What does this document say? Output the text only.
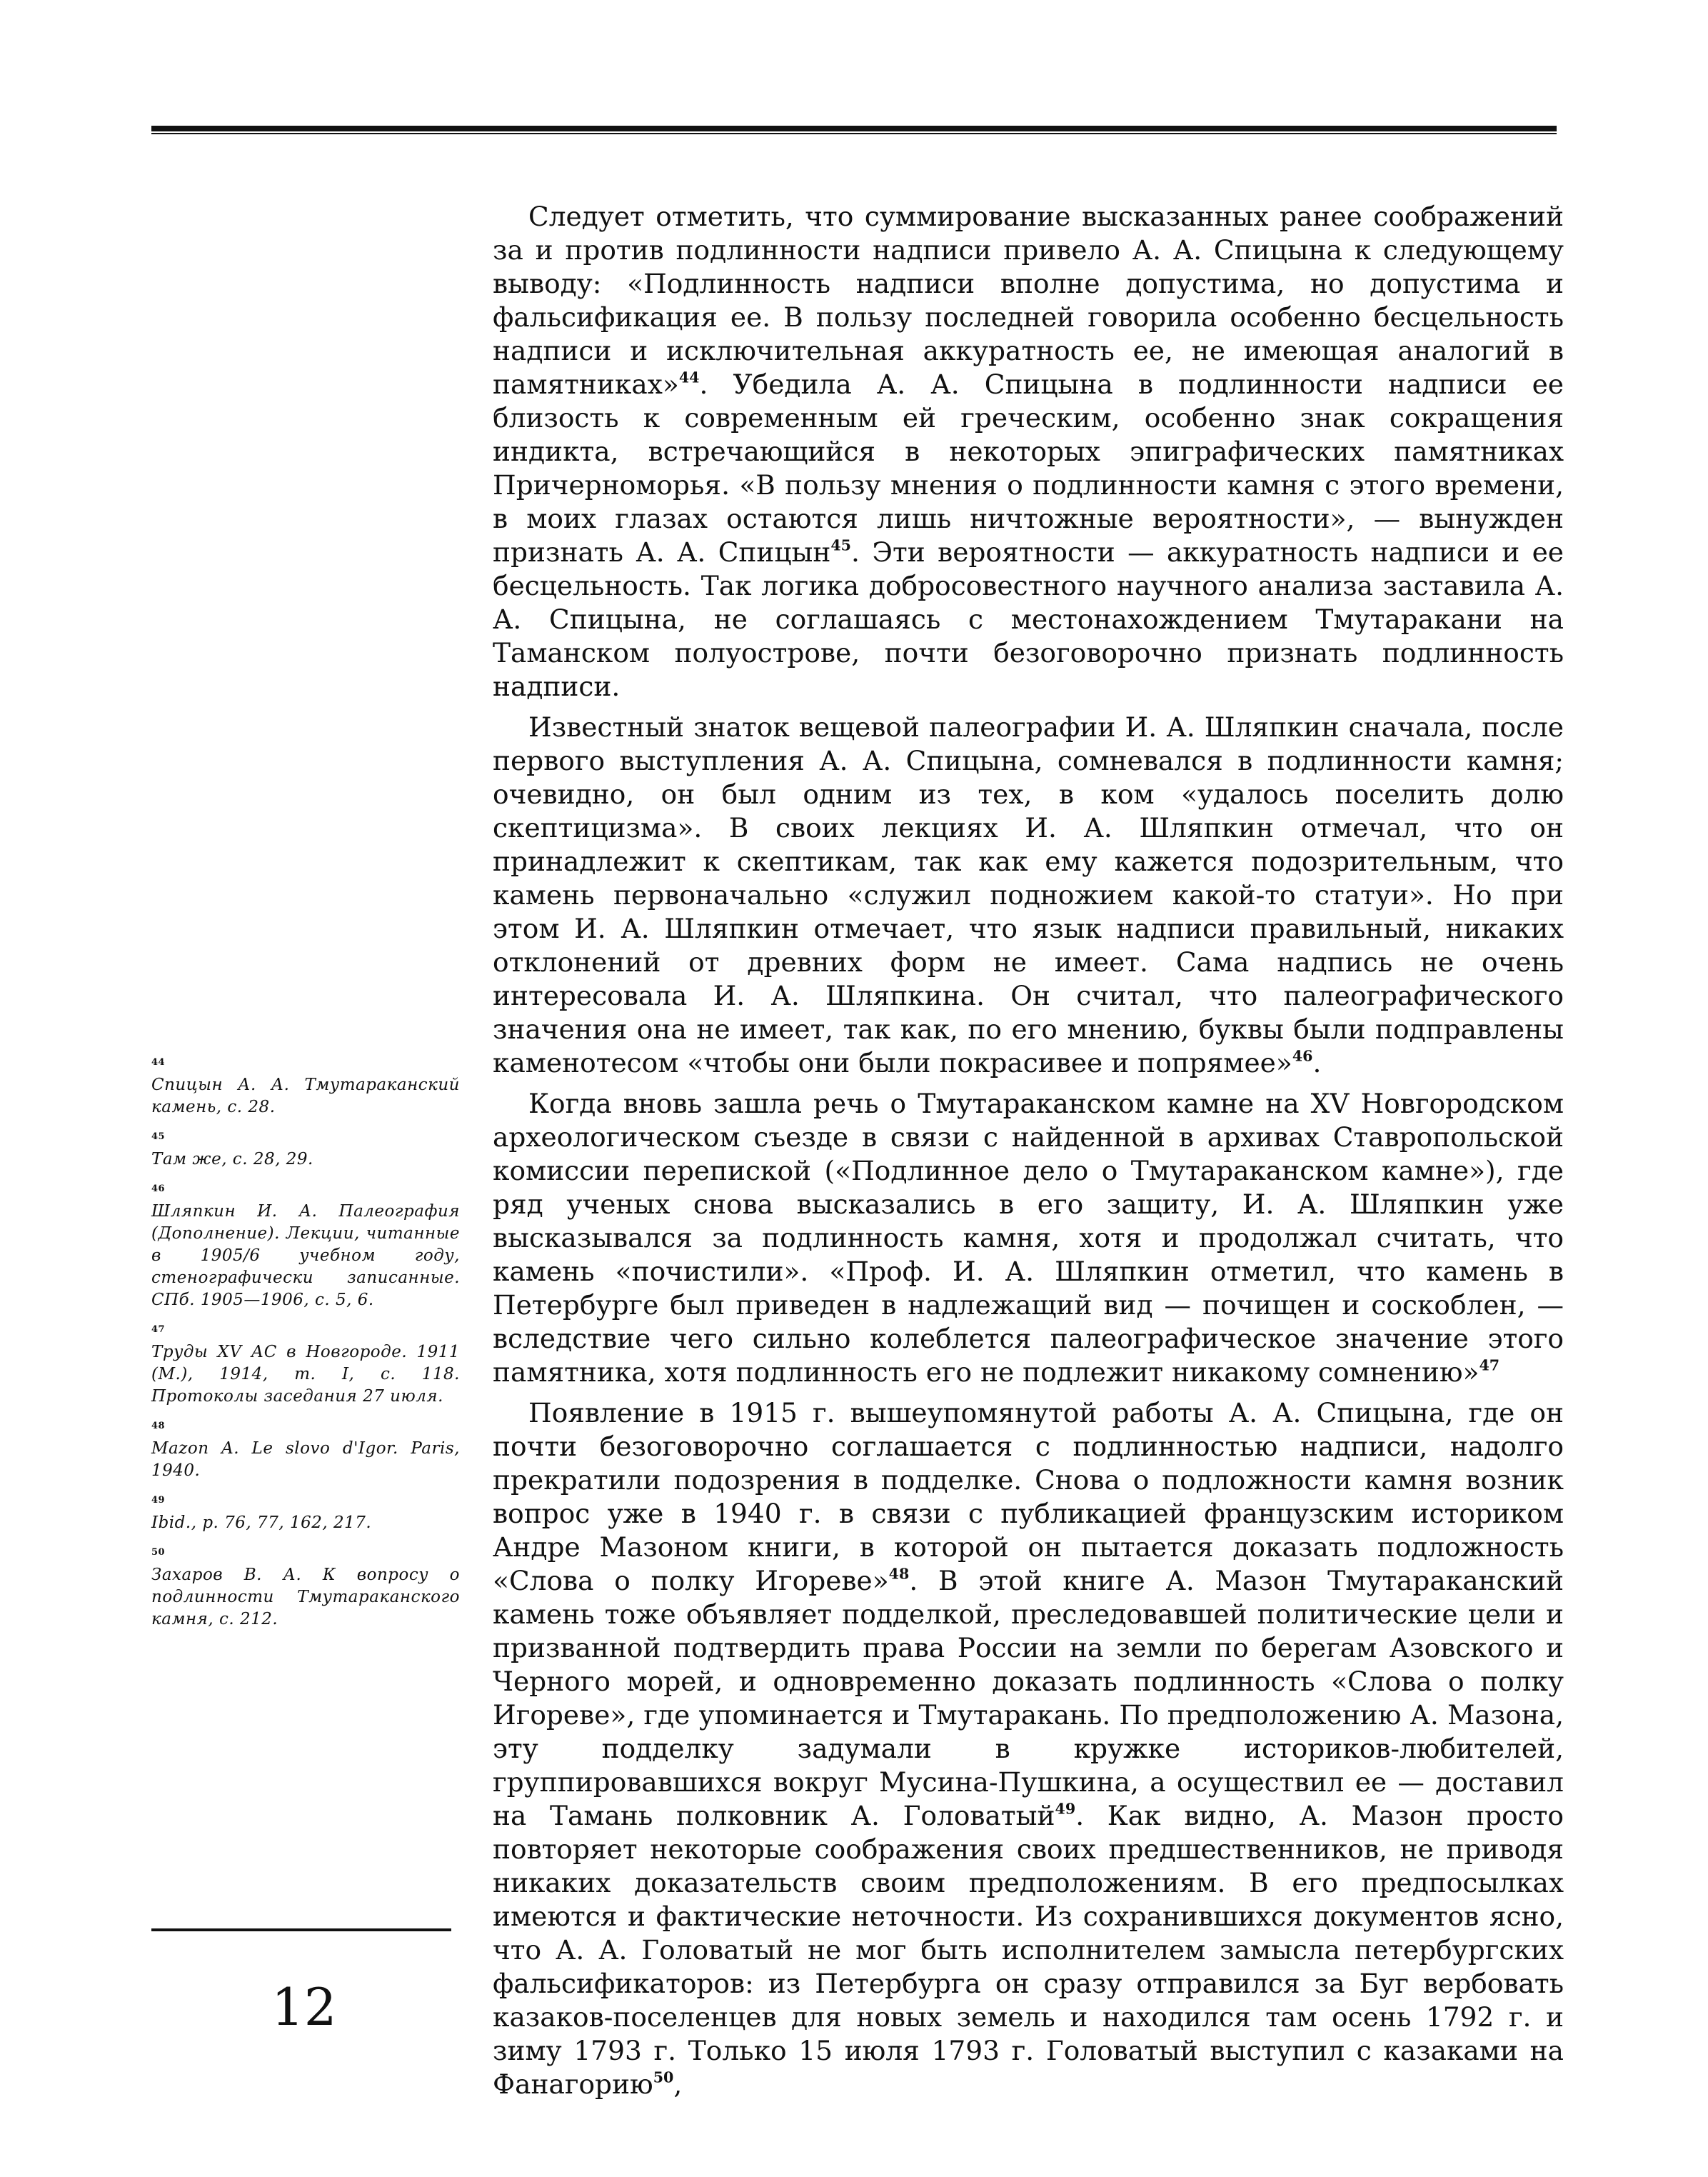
Следует отметить, что суммирование высказанных ранее соображений за и против подлинности надписи привело А. А. Спицына к следующему выводу: «Подлинность надписи вполне допустима, но допустима и фальсификация ее. В пользу последней говорила особенно бесцельность надписи и исключительная аккуратность ее, не имеющая аналогий в памятниках»$^{44}$. Убедила А. А. Спицына в подлинности надписи ее близость к современным ей греческим, особенно знак сокращения индикта, встречающийся в некоторых эпиграфических памятниках Причерноморья. «В пользу мнения о подлинности камня с этого времени, в моих глазах остаются лишь ничтожные вероятности», — вынужден признать А. А. Спицын$^{45}$. Эти вероятности — аккуратность надписи и ее бесцельность. Так логика добросовестного научного анализа заставила А. А. Спицына, не соглашаясь с местонахождением Тмутаракани на Таманском полуострове, почти безоговорочно признать подлинность надписи.

Известный знаток вещевой палеографии И. А. Шляпкин сначала, после первого выступления А. А. Спицына, сомневался в подлинности камня; очевидно, он был одним из тех, в ком «удалось поселить долю скептицизма». В своих лекциях И. А. Шляпкин отмечал, что он принадлежит к скептикам, так как ему кажется подозрительным, что камень первоначально «служил подножием какой-то статуи». Но при этом И. А. Шляпкин отмечает, что язык надписи правильный, никаких отклонений от древних форм не имеет. Сама надпись не очень интересовала И. А. Шляпкина. Он считал, что палеографического значения она не имеет, так как, по его мнению, буквы были подправлены каменотесом «чтобы они были покрасивее и попрямее»$^{46}$.

Когда вновь зашла речь о Тмутараканском камне на XV Новгородском археологическом съезде в связи с найденной в архивах Ставропольской комиссии перепиской («Подлинное дело о Тмутараканском камне»), где ряд ученых снова высказались в его защиту, И. А. Шляпкин уже высказывался за подлинность камня, хотя и продолжал считать, что камень «почистили». «Проф. И. А. Шляпкин отметил, что камень в Петербурге был приведен в надлежащий вид — почищен и соскоблен, — вследствие чего сильно колеблется палеографическое значение этого памятника, хотя подлинность его не подлежит никакому сомнению»$^{47}$

Появление в 1915 г. вышеупомянутой работы А. А. Спицына, где он почти безоговорочно соглашается с подлинностью надписи, надолго прекратили подозрения в подделке. Снова о подложности камня возник вопрос уже в 1940 г. в связи с публикацией французским историком Андре Мазоном книги, в которой он пытается доказать подложность «Слова о полку Игореве»$^{48}$. В этой книге А. Мазон Тмутараканский камень тоже объявляет подделкой, преследовавшей политические цели и призванной подтвердить права России на земли по берегам Азовского и Черного морей, и одновременно доказать подлинность «Слова о полку Игореве», где упоминается и Тмутаракань. По предположению А. Мазона, эту подделку задумали в кружке историков-любителей, группировавшихся вокруг Мусина-Пушкина, а осуществил ее — доставил на Тамань полковник А. Головатый$^{49}$. Как видно, А. Мазон просто повторяет некоторые соображения своих предшественников, не приводя никаких доказательств своим предположениям. В его предпосылках имеются и фактические неточности. Из сохранившихся документов ясно, что А. А. Головатый не мог быть исполнителем замысла петербургских фальсификаторов: из Петербурга он сразу отправился за Буг вербовать казаков-поселенцев для новых земель и находился там осень 1792 г. и зиму 1793 г. Только 15 июля 1793 г. Головатый выступил с казаками на Фанагорию$^{50}$,

44
Спицын А. А. Тмутараканский камень, с. 28.
45
Там же, с. 28, 29.
46
Шляпкин И. А. Палеография (Дополнение). Лекции, читанные в 1905/6 учебном году, стенографически записанные. СПб. 1905—1906, с. 5, 6.
47
Труды XV АС в Новгороде. 1911 (М.), 1914, т. I, с. 118. Протоколы заседания 27 июля.
48
Mazon A. Le slovo d'Igor. Paris, 1940.
49
Ibid., p. 76, 77, 162, 217.
50
Захаров В. А. К вопросу о подлинности Тмутараканского камня, с. 212.
12
